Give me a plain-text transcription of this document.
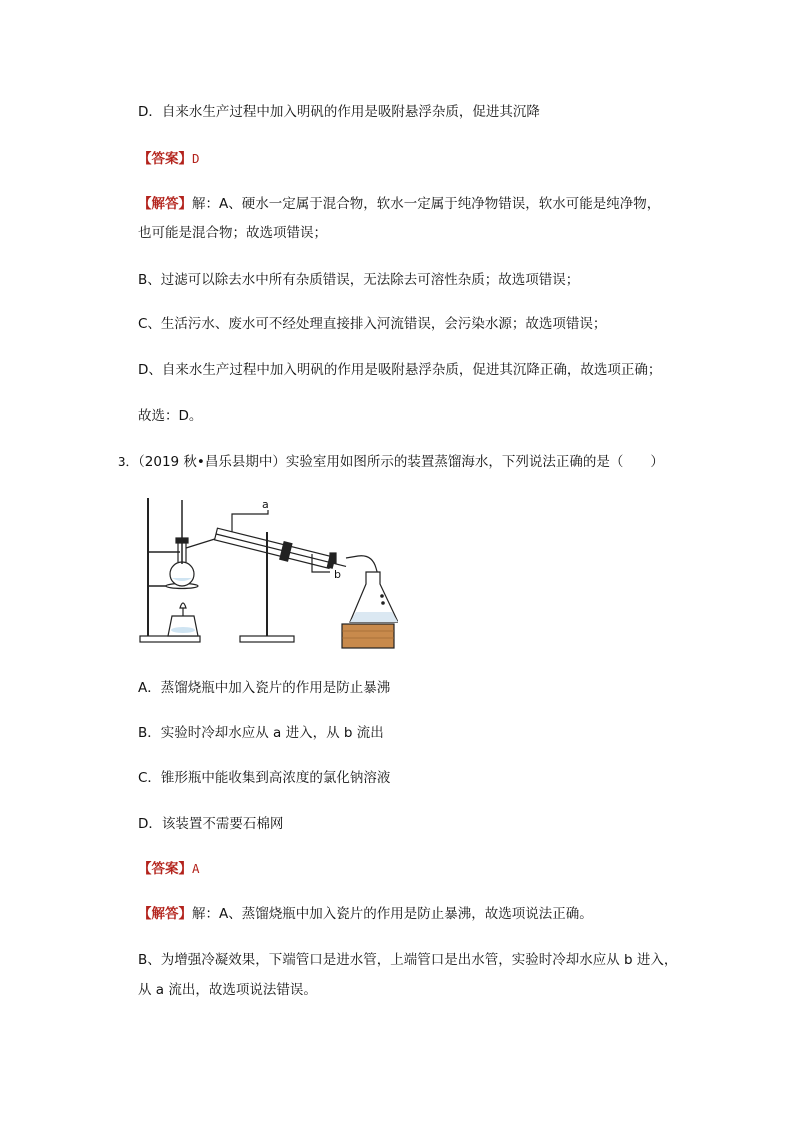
D．自来水生产过程中加入明矾的作用是吸附悬浮杂质，促进其沉降
【答案】D
【解答】解：A、硬水一定属于混合物，软水一定属于纯净物错误，软水可能是纯净物，
也可能是混合物；故选项错误；
B、过滤可以除去水中所有杂质错误，无法除去可溶性杂质；故选项错误；
C、生活污水、废水可不经处理直接排入河流错误，会污染水源；故选项错误；
D、自来水生产过程中加入明矾的作用是吸附悬浮杂质，促进其沉降正确，故选项正确；
故选：D。
3．（2019 秋•昌乐县期中）实验室用如图所示的装置蒸馏海水，下列说法正确的是（　　）
a
b
A．蒸馏烧瓶中加入瓷片的作用是防止暴沸
B．实验时冷却水应从 a 进入，从 b 流出
C．锥形瓶中能收集到高浓度的氯化钠溶液
D．该装置不需要石棉网
【答案】A
【解答】解：A、蒸馏烧瓶中加入瓷片的作用是防止暴沸，故选项说法正确。
B、为增强冷凝效果，下端管口是进水管，上端管口是出水管，实验时冷却水应从 b 进入，
从 a 流出，故选项说法错误。
